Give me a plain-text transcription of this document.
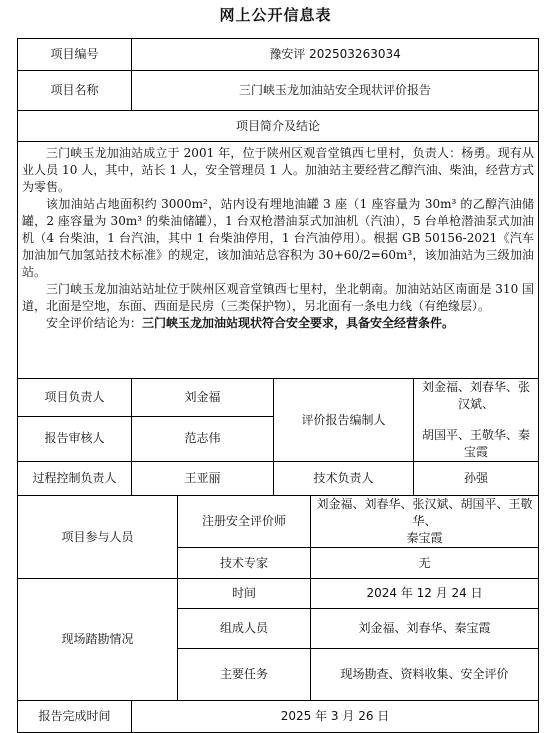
网上公开信息表
项目编号	豫安评 202503263034				
项目名称	三门峡玉龙加油站安全现状评价报告				
项目简介及结论					

三门峡玉龙加油站成立于 2001 年，位于陕州区观音堂镇西七里村，负责人：杨勇。现有从业人员 10 人，其中，站长 1 人，安全管理员 1 人。加油站主要经营乙醇汽油、柴油，经营方式为零售。

该加油站占地面积约 3000m²，站内设有埋地油罐 3 座（1 座容量为 30m³ 的乙醇汽油储罐，2 座容量为 30m³ 的柴油储罐），1 台双枪潜油泵式加油机（汽油），5 台单枪潜油泵式加油机（4 台柴油，1 台汽油，其中 1 台柴油停用，1 台汽油停用）。根据 GB 50156-2021《汽车加油加气加氢站技术标准》的规定，该加油站总容积为 30+60/2=60m³，该加油站为三级加油站。

三门峡玉龙加油站站址位于陕州区观音堂镇西七里村，坐北朝南。加油站站区南面是 310 国道，北面是空地，东面、西面是民房（三类保护物），另北面有一条电力线（有绝缘层）。

安全评价结论为：三门峡玉龙加油站现状符合安全要求，具备安全经营条件。					

项目负责人	刘金福		评价报告编制人		刘金福、刘春华、张汉斌、
胡国平、王敬华、秦宝霞

报告审核人	范志伟				
过程控制负责人	王亚丽		技术负责人		孙强
项目参与人员		注册安全评价师		刘金福、刘春华、张汉斌、胡国平、王敬华、
秦宝霞	

		技术专家		无	
现场踏勘情况		时间		2024 年 12 月 24 日	
		组成人员		刘金福、刘春华、秦宝霞	
		主要任务		现场勘查、资料收集、安全评价	
报告完成时间	2025 年 3 月 26 日				
